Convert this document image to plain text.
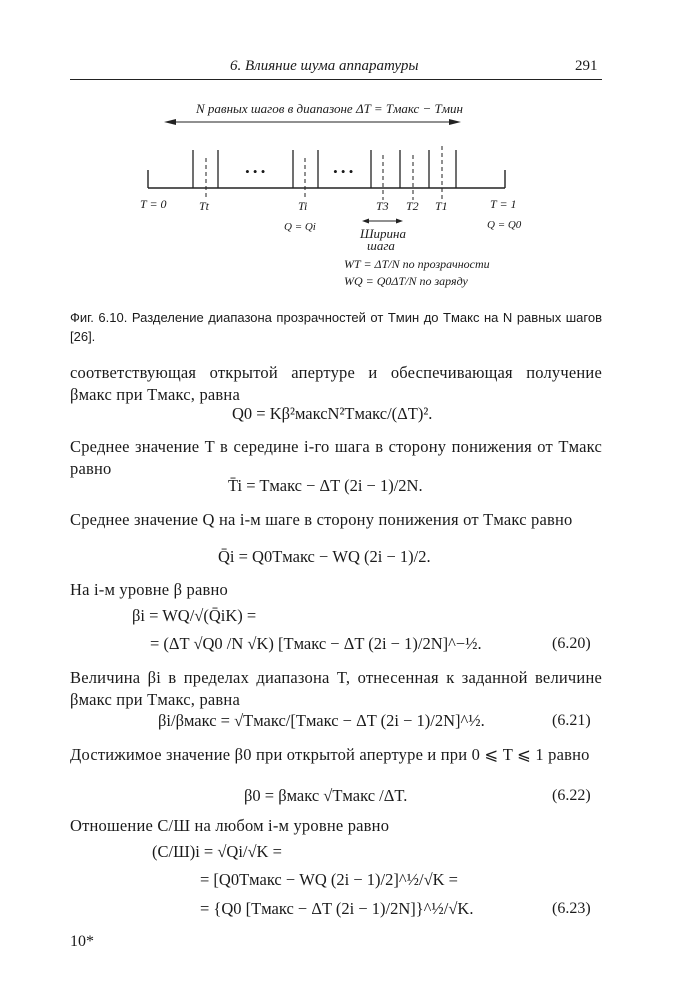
6. Влияние шума аппаратуры	291
N равных шагов в диапазоне ΔT = Tмакс − Tмин
• • •	• • •
T = 0	Tt	Ti	T3 T2 T1	T = 1
Q = Qi	Q = Q0
Ширина
шага
WT = ΔT/N по прозрачности
WQ = Q0ΔT/N по заряду
Фиг. 6.10. Разделение диапазона прозрачностей от Tмин до Tмакс на N равных шагов [26].
соответствующая открытой апертуре и обеспечивающая получение βмакс при Tмакс, равна
Q0 = Kβ²максN²Tмакс/(ΔT)².
Среднее значение T в середине i-го шага в сторону понижения от Tмакс равно
T̄i = Tмакс − ΔT (2i − 1)/2N.
Среднее значение Q на i-м шаге в сторону понижения от Tмакс равно
Q̄i = Q0Tмакс − WQ (2i − 1)/2.
На i-м уровне β равно
βi = WQ/√(Q̄iK) =
= (ΔT √Q0 /N √K) [Tмакс − ΔT (2i − 1)/2N]^−½.	(6.20)
Величина βi в пределах диапазона T, отнесенная к заданной величине βмакс при Tмакс, равна
βi/βмакс = √Tмакс/[Tмакс − ΔT (2i − 1)/2N]^½.	(6.21)
Достижимое значение β0 при открытой апертуре и при 0 ⩽ T ⩽ 1 равно
β0 = βмакс √Tмакс /ΔT.	(6.22)
Отношение С/Ш на любом i-м уровне равно
(С/Ш)i = √Qi/√K =
= [Q0Tмакс − WQ (2i − 1)/2]^½/√K =
= {Q0 [Tмакс − ΔT (2i − 1)/2N]}^½/√K.	(6.23)
10*
